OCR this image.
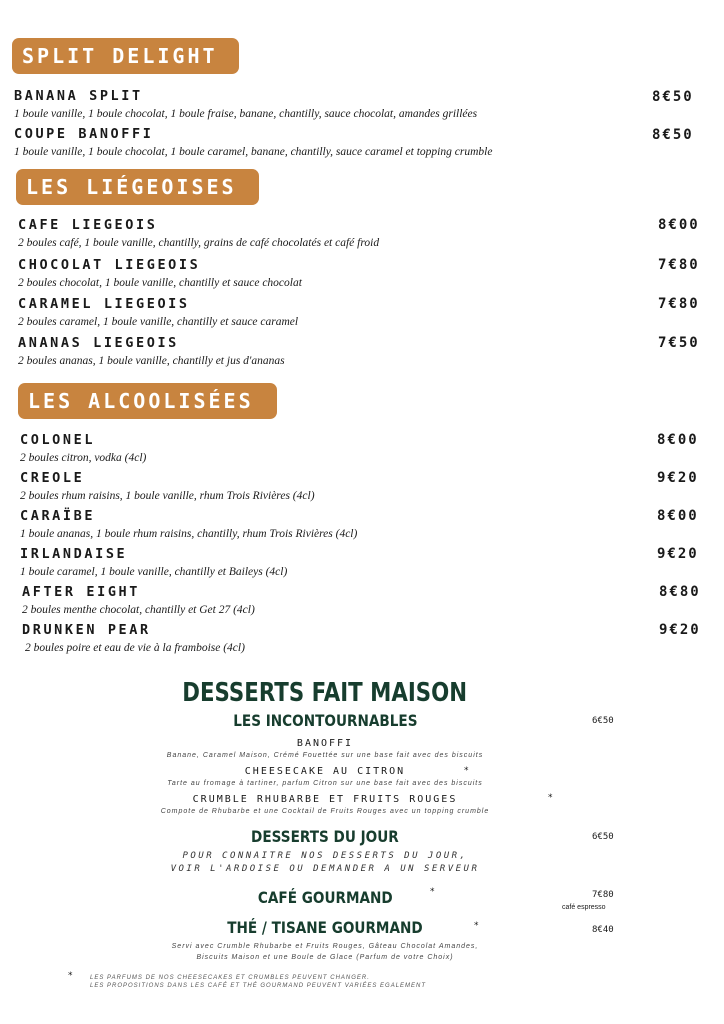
SPLIT DELIGHT
BANANA SPLIT
1 boule vanille, 1 boule chocolat, 1 boule fraise, banane, chantilly, sauce chocolat, amandes grillées
8€50
COUPE BANOFFI
1 boule vanille, 1 boule chocolat, 1 boule caramel, banane, chantilly, sauce caramel et topping crumble
8€50
LES LIÉGEOISES
CAFE LIEGEOIS
2 boules café, 1 boule vanille, chantilly, grains de café chocolatés et café froid
8€00
CHOCOLAT LIEGEOIS
2 boules chocolat, 1 boule vanille, chantilly et sauce chocolat
7€80
CARAMEL LIEGEOIS
2 boules caramel, 1 boule vanille, chantilly et sauce caramel
7€80
ANANAS LIEGEOIS
2 boules ananas, 1 boule vanille, chantilly et jus d'ananas
7€50
LES ALCOOLISÉES
COLONEL
2 boules citron, vodka (4cl)
8€00
CREOLE
2 boules rhum raisins, 1 boule vanille, rhum Trois Rivières (4cl)
9€20
CARAÏBE
1 boule ananas, 1 boule rhum raisins, chantilly, rhum Trois Rivières (4cl)
8€00
IRLANDAISE
1 boule caramel, 1 boule vanille, chantilly et Baileys (4cl)
9€20
AFTER EIGHT
2 boules menthe chocolat, chantilly et Get 27 (4cl)
8€80
DRUNKEN PEAR
2 boules poire et eau de vie à la framboise (4cl)
9€20
DESSERTS FAIT MAISON
LES INCONTOURNABLES	6€50
BANOFFI
Banane, Caramel Maison, Crémé Fouettée sur une base fait avec des biscuits
CHEESECAKE AU CITRON	*
Tarte au fromage à tartiner, parfum Citron sur une base fait avec des biscuits
CRUMBLE RHUBARBE ET FRUITS ROUGES	*
Compote de Rhubarbe et une Cocktail de Fruits Rouges avec un topping crumble
DESSERTS DU JOUR	6€50
POUR CONNAITRE NOS DESSERTS DU JOUR,
VOIR L'ARDOISE OU DEMANDER A UN SERVEUR
CAFÉ GOURMAND	*	7€80
café espresso
THÉ / TISANE GOURMAND	*	8€40
Servi avec Crumble Rhubarbe et Fruits Rouges, Gâteau Chocolat Amandes,
Biscuits Maison et une Boule de Glace (Parfum de votre Choix)
*	LES PARFUMS DE NOS CHEESECAKES ET CRUMBLES PEUVENT CHANGER.
LES PROPOSITIONS DANS LES CAFÉ ET THÉ GOURMAND PEUVENT VARIÉES EGALEMENT
